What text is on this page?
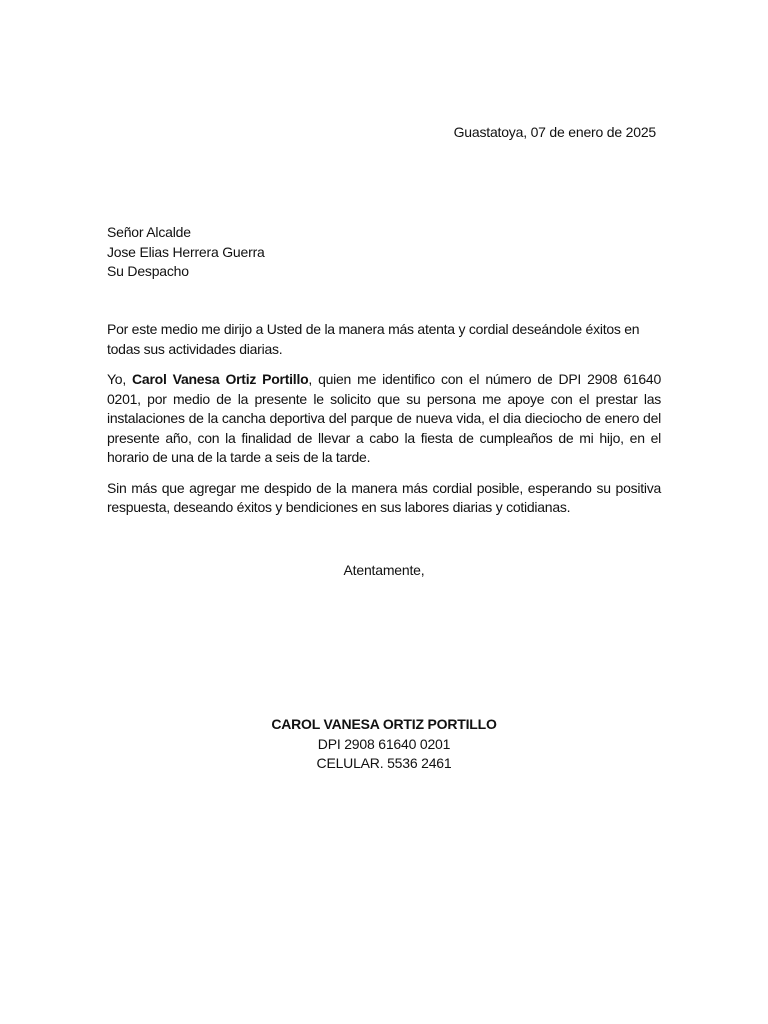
Guastatoya, 07 de enero de 2025
Señor Alcalde
Jose Elias Herrera Guerra
Su Despacho

Por este medio me dirijo a Usted de la manera más atenta y cordial deseándole éxitos en todas sus actividades diarias.

Yo, Carol Vanesa Ortiz Portillo, quien me identifico con el número de DPI 2908 61640 0201, por medio de la presente le solicito que su persona me apoye con el prestar las instalaciones de la cancha deportiva del parque de nueva vida, el dia dieciocho de enero del presente año, con la finalidad de llevar a cabo la fiesta de cumpleaños de mi hijo, en el horario de una de la tarde a seis de la tarde.

Sin más que agregar me despido de la manera más cordial posible, esperando su positiva respuesta, deseando éxitos y bendiciones en sus labores diarias y cotidianas.

Atentamente,
CAROL VANESA ORTIZ PORTILLO
DPI 2908 61640 0201
CELULAR. 5536 2461
